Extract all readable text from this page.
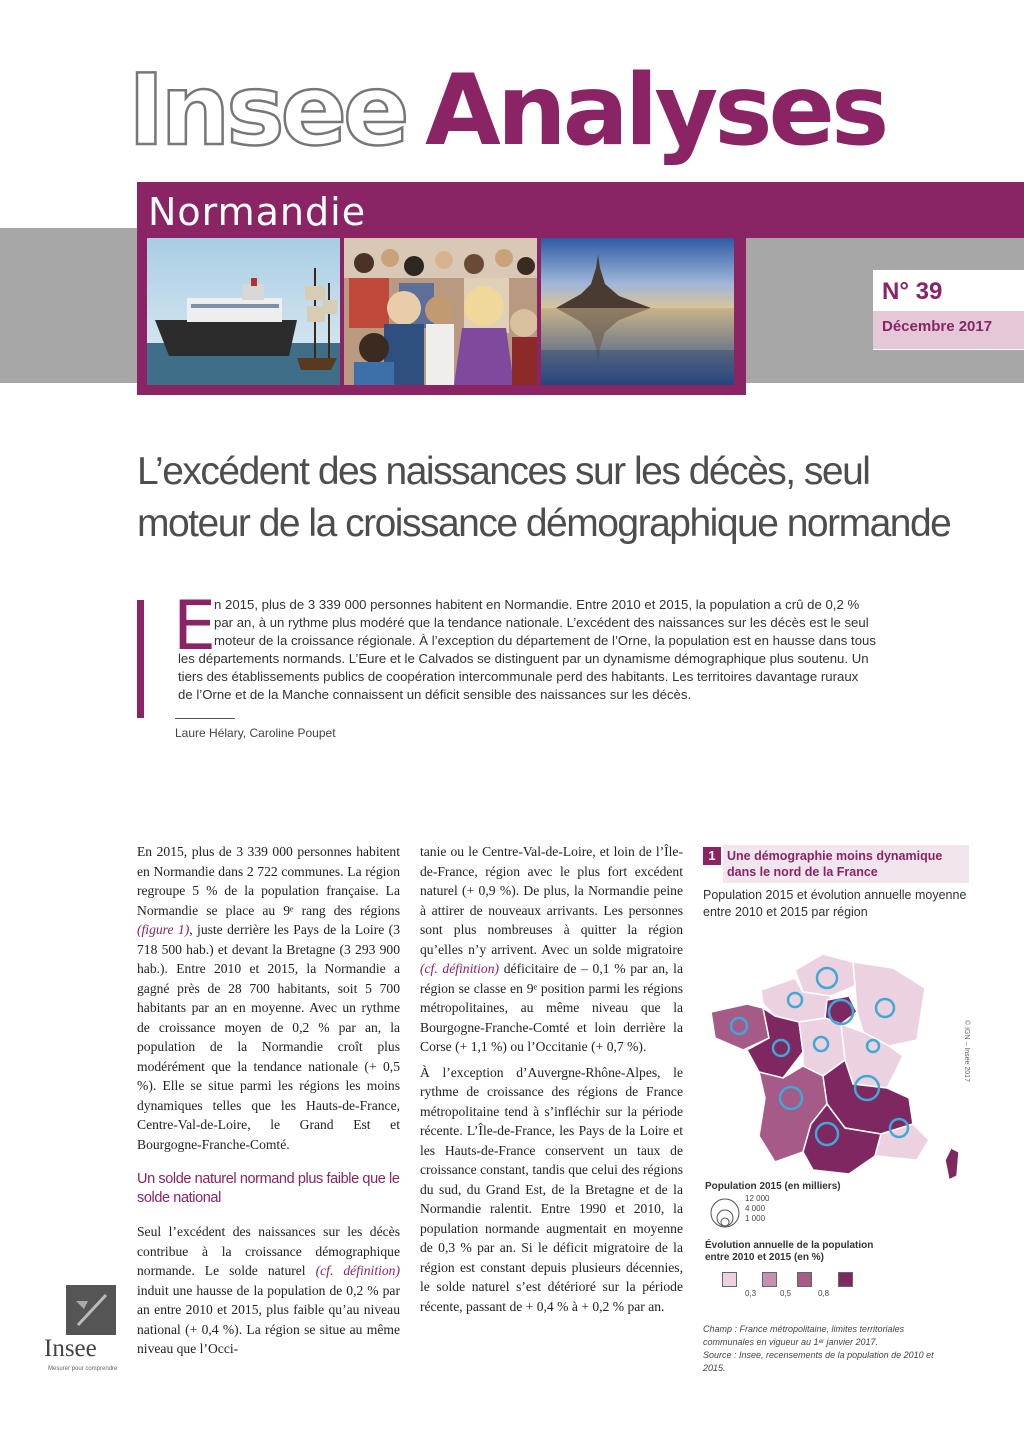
Insee Analyses
Normandie
N° 39
Décembre 2017
L’excédent des naissances sur les décès, seul moteur de la croissance démographique normande
E

n 2015, plus de 3 339 000 personnes habitent en Normandie. Entre 2010 et 2015, la population a crû de 0,2 %
par an, à un rythme plus modéré que la tendance nationale. L’excédent des naissances sur les décès est le seul
moteur de la croissance régionale. À l’exception du département de l’Orne, la population est en hausse dans tous
les départements normands. L’Eure et le Calvados se distinguent par un dynamisme démographique plus soutenu. Un
tiers des établissements publics de coopération intercommunale perd des habitants. Les territoires davantage ruraux
de l’Orne et de la Manche connaissent un déficit sensible des naissances sur les décès.

Laure Hélary, Caroline Poupet

En 2015, plus de 3 339 000 personnes habitent en Normandie dans 2 722 communes. La région regroupe 5 % de la population française. La Normandie se place au 9ᵉ rang des régions (figure 1), juste derrière les Pays de la Loire (3 718 500 hab.) et devant la Bretagne (3 293 900 hab.). Entre 2010 et 2015, la Normandie a gagné près de 28 700 habitants, soit 5 700 habitants par an en moyenne. Avec un rythme de croissance moyen de 0,2 % par an, la population de la Normandie croît plus modérément que la tendance nationale (+ 0,5 %). Elle se situe parmi les régions les moins dynamiques telles que les Hauts-de-France, Centre-Val-de-Loire, le Grand Est et Bourgogne-Franche-Comté.

Un solde naturel normand plus faible que le solde national

Seul l’excédent des naissances sur les décès contribue à la croissance démographique normande. Le solde naturel (cf. définition) induit une hausse de la population de 0,2 % par an entre 2010 et 2015, plus faible qu’au niveau national (+ 0,4 %). La région se situe au même niveau que l’Occi-

tanie ou le Centre-Val-de-Loire, et loin de l’Île-de-France, région avec le plus fort excédent naturel (+ 0,9 %). De plus, la Normandie peine à attirer de nouveaux arrivants. Les personnes sont plus nombreuses à quitter la région qu’elles n’y arrivent. Avec un solde migratoire (cf. définition) déficitaire de – 0,1 % par an, la région se classe en 9ᵉ position parmi les régions métropolitaines, au même niveau que la Bourgogne-Franche-Comté et loin derrière la Corse (+ 1,1 %) ou l’Occitanie (+ 0,7 %).

À l’exception d’Auvergne-Rhône-Alpes, le rythme de croissance des régions de France métropolitaine tend à s’infléchir sur la période récente. L’Île-de-France, les Pays de la Loire et les Hauts-de-France conservent un taux de croissance constant, tandis que celui des régions du sud, du Grand Est, de la Bretagne et de la Normandie ralentit. Entre 1990 et 2010, la population normande augmentait en moyenne de 0,3 % par an. Si le déficit migratoire de la région est constant depuis plusieurs décennies, le solde naturel s’est détérioré sur la période récente, passant de + 0,4 % à + 0,2 % par an.

1 Une démographie moins dynamique dans le nord de la France
Population 2015 et évolution annuelle moyenne entre 2010 et 2015 par région
© IGN – Insee 2017
Population 2015 (en milliers)
12 000
4 000
1 000
Évolution annuelle de la population entre 2010 et 2015 (en %)
0,3	0,5	0,8
Champ : France métropolitaine, limites territoriales communales en vigueur au 1ᵉʳ janvier 2017.
Source : Insee, recensements de la population de 2010 et 2015.
Insee
Mesurer pour comprendre
